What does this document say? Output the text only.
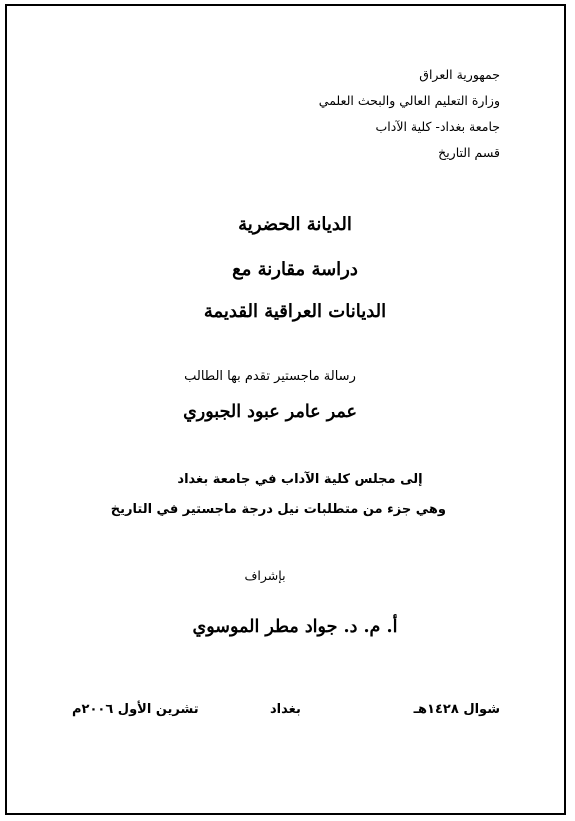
جمهورية العراق
وزارة التعليم العالي والبحث العلمي
جامعة بغداد- كلية الآداب
قسم التاريخ
الديانة الحضرية
دراسة مقارنة مع
الديانات العراقية القديمة
رسالة ماجستير تقدم بها الطالب
عمر عامر عبود الجبوري
إلى مجلس كلية الآداب في جامعة بغداد
وهي جزء من متطلبات نيل درجة ماجستير في التاريخ
بإشراف
أ. م. د. جواد مطر الموسوي
شوال ١٤٢٨هـ
بغداد
تشرين الأول ٢٠٠٦م
